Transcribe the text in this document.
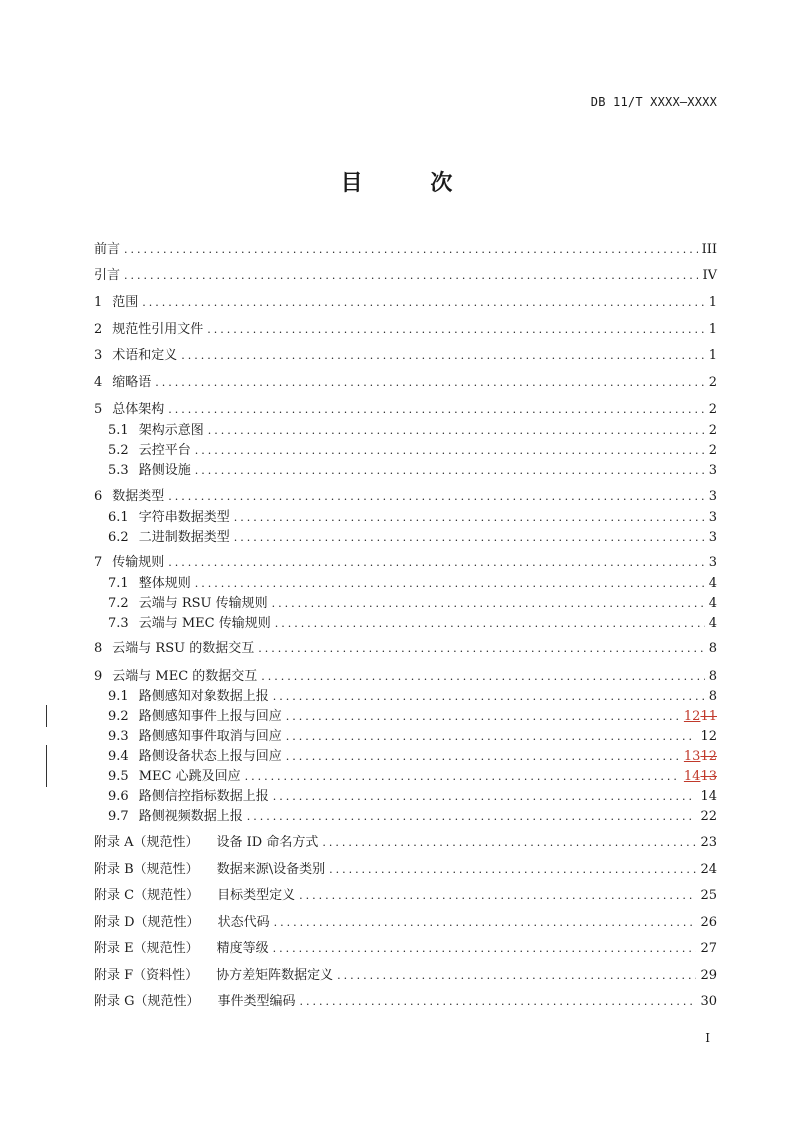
DB 11/T XXXX—XXXX
目 次
前言 .....	III
引言 .....	IV
1 范围 .....	1
2 规范性引用文件 .....	1
3 术语和定义 .....	1
4 缩略语 .....	2
5 总体架构 .....	2
5.1 架构示意图 .....	2
5.2 云控平台 .....	2
5.3 路侧设施 .....	3
6 数据类型 .....	3
6.1 字符串数据类型 .....	3
6.2 二进制数据类型 .....	3
7 传输规则 .....	3
7.1 整体规则 .....	4
7.2 云端与 RSU 传输规则 .....	4
7.3 云端与 MEC 传输规则 .....	4
8 云端与 RSU 的数据交互 .....	8
9 云端与 MEC 的数据交互 .....	8
9.1 路侧感知对象数据上报 .....	8
9.2 路侧感知事件上报与回应 .....	1211
9.3 路侧感知事件取消与回应 .....	12
9.4 路侧设备状态上报与回应 .....	1312
9.5 MEC 心跳及回应 .....	1413
9.6 路侧信控指标数据上报 .....	14
9.7 路侧视频数据上报 .....	22
附录 A（规范性） 设备 ID 命名方式 .....	23
附录 B（规范性） 数据来源\设备类别 .....	24
附录 C（规范性） 目标类型定义 .....	25
附录 D（规范性） 状态代码 .....	26
附录 E（规范性） 精度等级 .....	27
附录 F（资料性） 协方差矩阵数据定义 .....	29
附录 G（规范性） 事件类型编码 .....	30
I
